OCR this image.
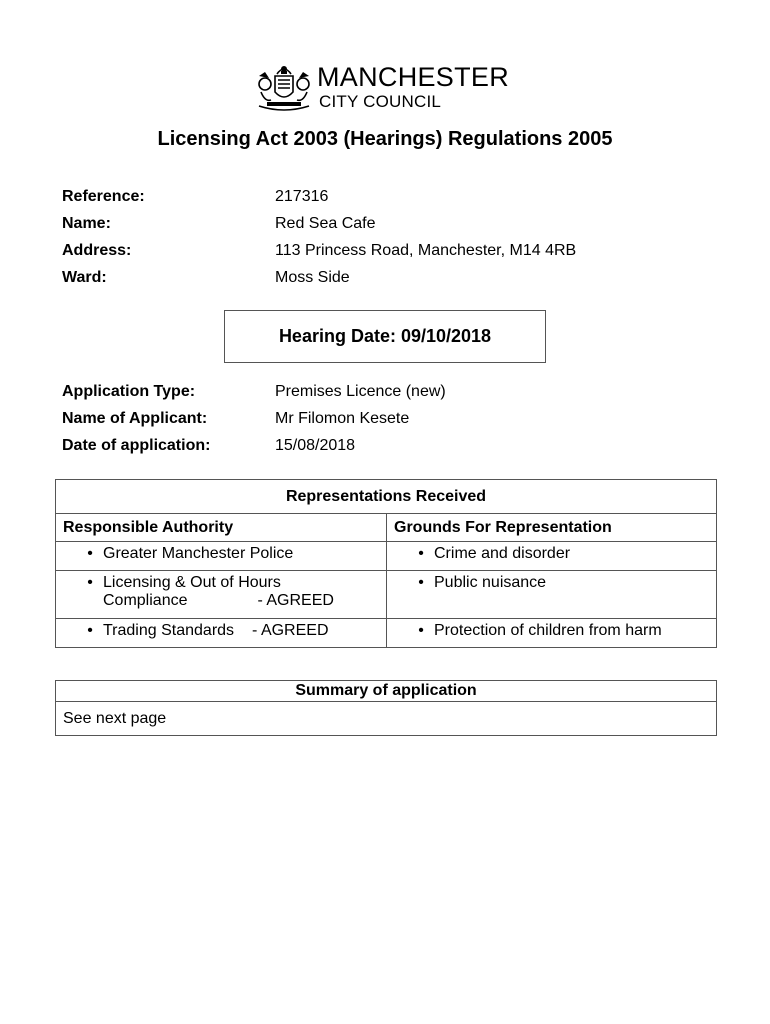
MANCHESTER
CITY COUNCIL
Licensing Act 2003 (Hearings) Regulations 2005
Reference:	217316
Name:	Red Sea Cafe
Address:	113 Princess Road, Manchester, M14 4RB
Ward:	Moss Side
Hearing Date: 09/10/2018
Application Type:	Premises Licence (new)
Name of Applicant:	Mr Filomon Kesete
Date of application:	15/08/2018
Representations Received	
Responsible Authority	Grounds For Representation

• Greater Manchester Police	• Crime and disorder

• Licensing & Out of Hours
Compliance - AGREED	• Public nuisance

• Trading Standards - AGREED	• Protection of children from harm
Summary of application
See next page
